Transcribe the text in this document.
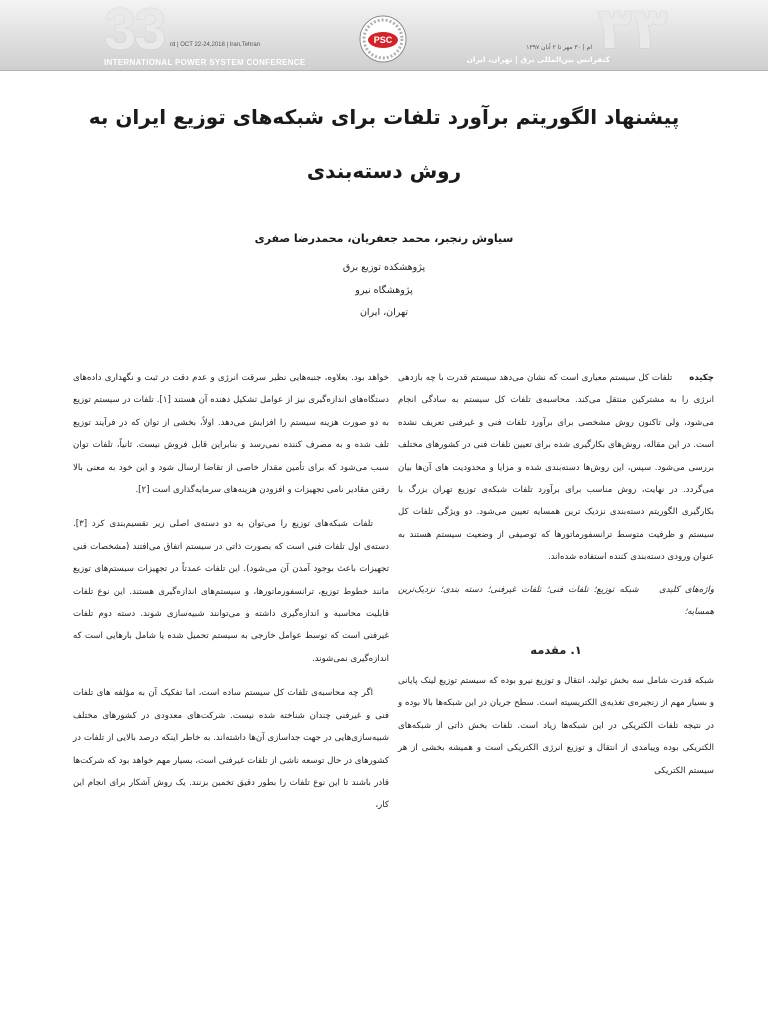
33 rd | OCT 22-24,2018 | Iran,Tehran
INTERNATIONAL POWER SYSTEM CONFERENCE
PSC	۳۳
ام | ۳۰ مهر تا ۲ آبان ۱۳۹۷
کنفرانس بین‌المللی برق | تهران، ایران
پیشنهاد الگوریتم برآورد تلفات برای شبکه‌های توزیع ایران به روش دسته‌بندی
سیاوش رنجبر، محمد جعفریان، محمدرضا صفری
پژوهشکده توزیع برق
پژوهشگاه نیرو
تهران، ایران

چکیده تلفات کل سیستم معیاری است که نشان می‌دهد سیستم قدرت با چه بازدهی انرژی را به مشترکین منتقل می‌کند. محاسبه‌ی تلفات کل سیستم به سادگی انجام می‌شود، ولی تاکنون روش مشخصی برای برآورد تلفات فنی و غیرفنی تعریف نشده است. در این مقاله، روش‌های بکارگیری شده برای تعیین تلفات فنی در کشورهای مختلف بررسی می‌شود. سپس، این روش‌ها دسته‌بندی شده و مزایا و محدودیت های آن‌ها بیان می‌گردد. در نهایت، روش مناسب برای برآورد تلفات شبکه‌ی توزیع تهران بزرگ با بکارگیری الگوریتم دسته‌بندی نزدیک ترین همسایه تعیین می‌شود. دو ویژگی تلفات کل سیستم و ظرفیت متوسط ترانسفورماتورها که توصیفی از وضعیت سیستم هستند به عنوان ورودی دسته‌بندی کننده استفاده شده‌اند.

واژه‌های کلیدی    شبکه توزیع؛ تلفات فنی؛ تلفات غیرفنی؛ دسته بندی؛ نزدیک‌ترین همسایه؛

۱. مقدمه

شبکه قدرت شامل سه بخش تولید، انتقال و توزیع نیرو بوده که سیستم توزیع لینک پایانی و بسیار مهم از زنجیره‌ی تغذیه‌ی الکتریسیته است. سطح جریان در این شبکه‌ها بالا بوده و در نتیجه تلفات الکتریکی در این شبکه‌ها زیاد است. تلفات بخش ذاتی از شبکه‌های الکتریکی بوده وپیامدی از انتقال و توزیع انرژی الکتریکی است و همیشه بخشی از هر سیستم الکتریکی

خواهد بود. بعلاوه، جنبه‌هایی نظیر سرقت انرژی و عدم دقت در ثبت و نگهداری داده‌های دستگاه‌های اندازه‌گیری نیز از عوامل تشکیل دهنده آن هستند [۱]. تلفات در سیستم توزیع به دو صورت هزینه سیستم را افزایش می‌دهد. اولاً، بخشی از توان که در فرآیند توزیع تلف شده و به مصرف کننده نمی‌رسد و بنابراین قابل فروش نیست. ثانیاً، تلفات توان سبب می‌شود که برای تأمین مقدار خاصی از تقاضا ارسال شود و این خود به معنی بالا رفتن مقادیر نامی تجهیزات و افزودن هزینه‌های سرمایه‌گذاری است [۲].

تلفات شبکه‌های توزیع را می‌توان به دو دسته‌ی اصلی زیر تقسیم‌بندی کرد [۳]. دسته‌ی اول تلفات فنی است که بصورت ذاتی در سیستم اتفاق می‌افتند (مشخصات فنی تجهیزات باعث بوجود آمدن آن می‌شود). این تلفات عمدتاً در تجهیزات سیستم‌های توزیع مانند خطوط توزیع، ترانسفورماتورها، و سیستم‌های اندازه‌گیری هستند. این نوع تلفات قابلیت محاسبه و اندازه‌گیری داشته و می‌توانند شبیه‌سازی شوند. دسته دوم تلفات غیرفنی است که توسط عوامل خارجی به سیستم تحمیل شده یا شامل بارهایی است که اندازه‌گیری نمی‌شوند.

اگر چه محاسبه‌ی تلفات کل سیستم ساده است، اما تفکیک آن به مؤلفه های تلفات فنی و غیرفنی چندان شناخته شده نیست. شرکت‌های معدودی در کشورهای مختلف شبیه‌سازی‌هایی در جهت جداسازی آن‌ها داشته‌اند. به خاطر اینکه درصد بالایی از تلفات در کشورهای در حال توسعه ناشی از تلفات غیرفنی است، بسیار مهم خواهد بود که شرکت‌ها قادر باشند تا این نوع تلفات را بطور دقیق تخمین بزنند. یک روش آشکار برای انجام این کار،
